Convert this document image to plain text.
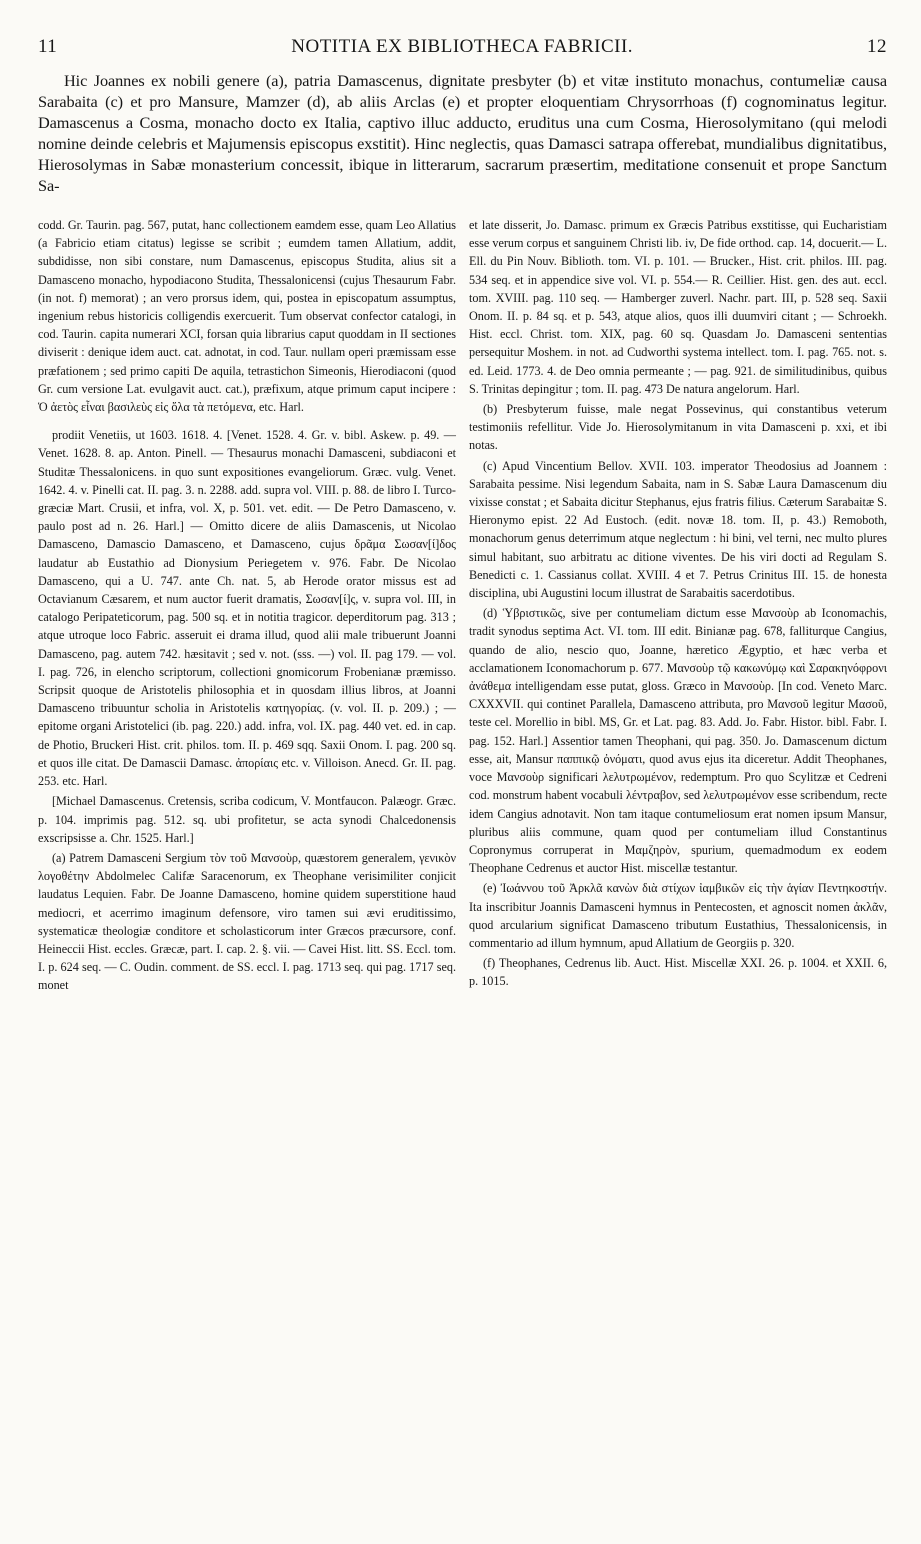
11	NOTITIA EX BIBLIOTHECA FABRICII.	12

Hic Joannes ex nobili genere (a), patria Damascenus, dignitate presbyter (b) et vitæ instituto monachus, contumeliæ causa Sarabaita (c) et pro Mansure, Mamzer (d), ab aliis Arclas (e) et propter eloquentiam Chrysorrhoas (f) cognominatus legitur. Damascenus a Cosma, monacho docto ex Italia, captivo illuc adducto, eruditus una cum Cosma, Hierosolymitano (qui melodi nomine deinde celebris et Majumensis episcopus exstitit). Hinc neglectis, quas Damasci satrapa offerebat, mundialibus dignitatibus, Hierosolymas in Sabæ monasterium concessit, ibique in litterarum, sacrarum præsertim, meditatione consenuit et prope Sanctum Sa-

codd. Gr. Taurin. pag. 567, putat, hanc collectionem eamdem esse, quam Leo Allatius (a Fabricio etiam citatus) legisse se scribit ; eumdem tamen Allatium, addit, subdidisse, non sibi constare, num Damascenus, episcopus Studita, alius sit a Damasceno monacho, hypodiacono Studita, Thessalonicensi (cujus Thesaurum Fabr. (in not. f) memorat) ; an vero prorsus idem, qui, postea in episcopatum assumptus, ingenium rebus historicis colligendis exercuerit. Tum observat confector catalogi, in cod. Taurin. capita numerari XCI, forsan quia librarius caput quoddam in II sectiones diviserit : denique idem auct. cat. adnotat, in cod. Taur. nullam operi præmissam esse præfationem ; sed primo capiti De aquila, tetrastichon Simeonis, Hierodiaconi (quod Gr. cum versione Lat. evulgavit auct. cat.), præfixum, atque primum caput incipere : Ὁ ἀετὸς εἶναι βασιλεὺς εἰς ὅλα τὰ πετόμενα, etc. Harl.

prodiit Venetiis, ut 1603. 1618. 4. [Venet. 1528. 4. Gr. v. bibl. Askew. p. 49. — Venet. 1628. 8. ap. Anton. Pinell. — Thesaurus monachi Damasceni, subdiaconi et Studitæ Thessalonicens. in quo sunt expositiones evangeliorum. Græc. vulg. Venet. 1642. 4. v. Pinelli cat. II. pag. 3. n. 2288. add. supra vol. VIII. p. 88. de libro I. Turco-græciæ Mart. Crusii, et infra, vol. X, p. 501. vet. edit. — De Petro Damasceno, v. paulo post ad n. 26. Harl.] — Omitto dicere de aliis Damascenis, ut Nicolao Damasceno, Damascio Damasceno, et Damasceno, cujus δρᾶμα Σωσαν[ί]δος laudatur ab Eustathio ad Dionysium Periegetem v. 976. Fabr. De Nicolao Damasceno, qui a U. 747. ante Ch. nat. 5, ab Herode orator missus est ad Octavianum Cæsarem, et num auctor fuerit dramatis, Σωσαν[ί]ς, v. supra vol. III, in catalogo Peripateticorum, pag. 500 sq. et in notitia tragicor. deperditorum pag. 313 ; atque utroque loco Fabric. asseruit ei drama illud, quod alii male tribuerunt Joanni Damasceno, pag. autem 742. hæsitavit ; sed v. not. (sss. —) vol. II. pag 179. — vol. I. pag. 726, in elencho scriptorum, collectioni gnomicorum Frobenianæ præmisso. Scripsit quoque de Aristotelis philosophia et in quosdam illius libros, at Joanni Damasceno tribuuntur scholia in Aristotelis κατηγορίας. (v. vol. II. p. 209.) ; — epitome organi Aristotelici (ib. pag. 220.) add. infra, vol. IX. pag. 440 vet. ed. in cap. de Photio, Bruckeri Hist. crit. philos. tom. II. p. 469 sqq. Saxii Onom. I. pag. 200 sq. et quos ille citat. De Damascii Damasc. ἀπορίαις etc. v. Villoison. Anecd. Gr. II. pag. 253. etc. Harl.

[Michael Damascenus. Cretensis, scriba codicum, V. Montfaucon. Palæogr. Græc. p. 104. imprimis pag. 512. sq. ubi profitetur, se acta synodi Chalcedonensis exscripsisse a. Chr. 1525. Harl.]

(a) Patrem Damasceni Sergium τὸν τοῦ Μανσοὺρ, quæstorem generalem, γενικὸν λογοθέτην Abdolmelec Califæ Saracenorum, ex Theophane verisimiliter conjicit laudatus Lequien. Fabr. De Joanne Damasceno, homine quidem superstitione haud mediocri, et acerrimo imaginum defensore, viro tamen sui ævi eruditissimo, systematicæ theologiæ conditore et scholasticorum inter Græcos præcursore, conf. Heineccii Hist. eccles. Græcæ, part. I. cap. 2. §. vii. — Cavei Hist. litt. SS. Eccl. tom. I. p. 624 seq. — C. Oudin. comment. de SS. eccl. I. pag. 1713 seq. qui pag. 1717 seq. monet

et late disserit, Jo. Damasc. primum ex Græcis Patribus exstitisse, qui Eucharistiam esse verum corpus et sanguinem Christi lib. iv, De fide orthod. cap. 14, docuerit.— L. Ell. du Pin Nouv. Biblioth. tom. VI. p. 101. — Brucker., Hist. crit. philos. III. pag. 534 seq. et in appendice sive vol. VI. p. 554.— R. Ceillier. Hist. gen. des aut. eccl. tom. XVIII. pag. 110 seq. — Hamberger zuverl. Nachr. part. III, p. 528 seq. Saxii Onom. II. p. 84 sq. et p. 543, atque alios, quos illi duumviri citant ; — Schroekh. Hist. eccl. Christ. tom. XIX, pag. 60 sq. Quasdam Jo. Damasceni sententias persequitur Moshem. in not. ad Cudworthi systema intellect. tom. I. pag. 765. not. s. ed. Leid. 1773. 4. de Deo omnia permeante ; — pag. 921. de similitudinibus, quibus S. Trinitas depingitur ; tom. II. pag. 473 De natura angelorum. Harl.

(b) Presbyterum fuisse, male negat Possevinus, qui constantibus veterum testimoniis refellitur. Vide Jo. Hierosolymitanum in vita Damasceni p. xxi, et ibi notas.

(c) Apud Vincentium Bellov. XVII. 103. imperator Theodosius ad Joannem : Sarabaita pessime. Nisi legendum Sabaita, nam in S. Sabæ Laura Damascenum diu vixisse constat ; et Sabaita dicitur Stephanus, ejus fratris filius. Cæterum Sarabaitæ S. Hieronymo epist. 22 Ad Eustoch. (edit. novæ 18. tom. II, p. 43.) Remoboth, monachorum genus deterrimum atque neglectum : hi bini, vel terni, nec multo plures simul habitant, suo arbitratu ac ditione viventes. De his viri docti ad Regulam S. Benedicti c. 1. Cassianus collat. XVIII. 4 et 7. Petrus Crinitus III. 15. de honesta disciplina, ubi Augustini locum illustrat de Sarabaitis sacerdotibus.

(d) Ὑβριστικῶς, sive per contumeliam dictum esse Μανσοὺρ ab Iconomachis, tradit synodus septima Act. VI. tom. III edit. Binianæ pag. 678, falliturque Cangius, quando de alio, nescio quo, Joanne, hæretico Ægyptio, et hæc verba et acclamationem Iconomachorum p. 677. Μανσοὺρ τῷ κακωνύμῳ καὶ Σαρακηνόφρονι ἀνάθεμα intelligendam esse putat, gloss. Græco in Μανσοὺρ. [In cod. Veneto Marc. CXXXVII. qui continet Parallela, Damasceno attributa, pro Μανσοῦ legitur Μασοῦ, teste cel. Morellio in bibl. MS, Gr. et Lat. pag. 83. Add. Jo. Fabr. Histor. bibl. Fabr. I. pag. 152. Harl.] Assentior tamen Theophani, qui pag. 350. Jo. Damascenum dictum esse, ait, Mansur παππικῷ ὀνόματι, quod avus ejus ita diceretur. Addit Theophanes, voce Μανσοὺρ significari λελυτρωμένον, redemptum. Pro quo Scylitzæ et Cedreni cod. monstrum habent vocabuli λέντραβον, sed λελυτρωμένον esse scribendum, recte idem Cangius adnotavit. Non tam itaque contumeliosum erat nomen ipsum Mansur, pluribus aliis commune, quam quod per contumeliam illud Constantinus Copronymus corruperat in Μαμζηρὸν, spurium, quemadmodum ex eodem Theophane Cedrenus et auctor Hist. miscellæ testantur.

(e) Ἰωάννου τοῦ Ἀρκλᾶ κανὼν διὰ στίχων ἰαμβικῶν εἰς τὴν ἁγίαν Πεντηκοστήν. Ita inscribitur Joannis Damasceni hymnus in Pentecosten, et agnoscit nomen ἀκλᾶν, quod arcularium significat Damasceno tributum Eustathius, Thessalonicensis, in commentario ad illum hymnum, apud Allatium de Georgiis p. 320.

(f) Theophanes, Cedrenus lib. Auct. Hist. Miscellæ XXI. 26. p. 1004. et XXII. 6, p. 1015.
